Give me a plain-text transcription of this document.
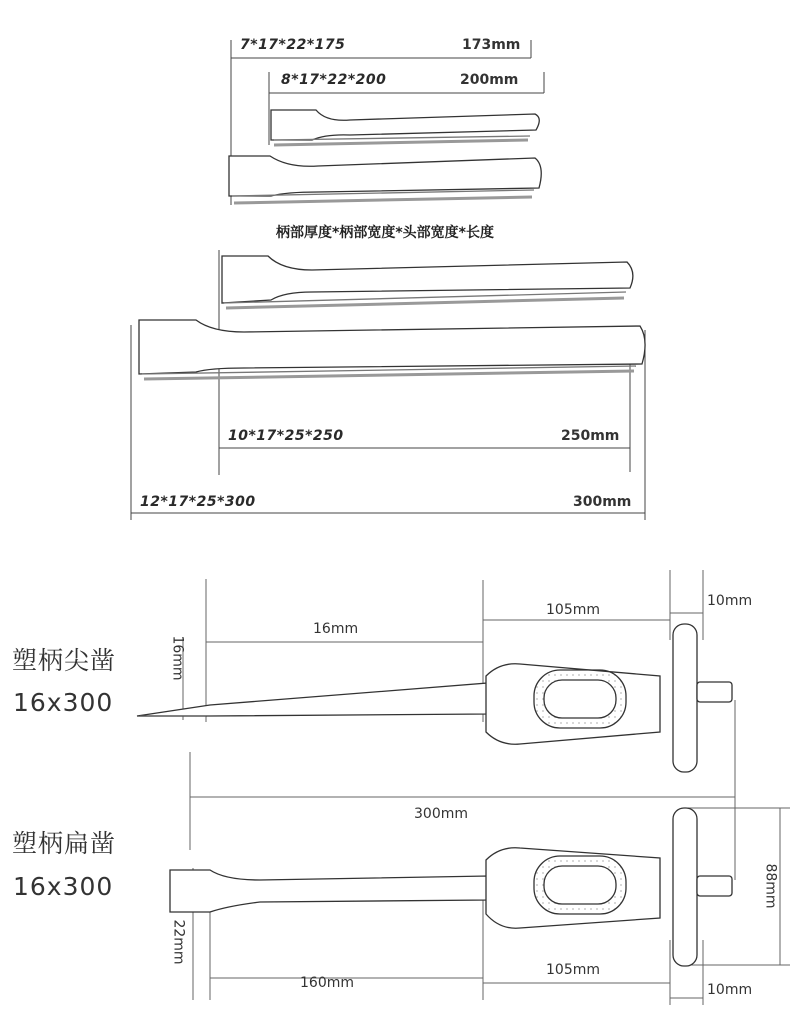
7*17*22*175	173mm
8*17*22*200	200mm
柄部厚度*柄部宽度*头部宽度*长度
10*17*25*250	250mm
12*17*25*300	300mm
塑柄尖凿
16x300
16mm
105mm
10mm
16mm
300mm
塑柄扁凿
16x300
22mm
160mm
105mm
10mm
88mm
